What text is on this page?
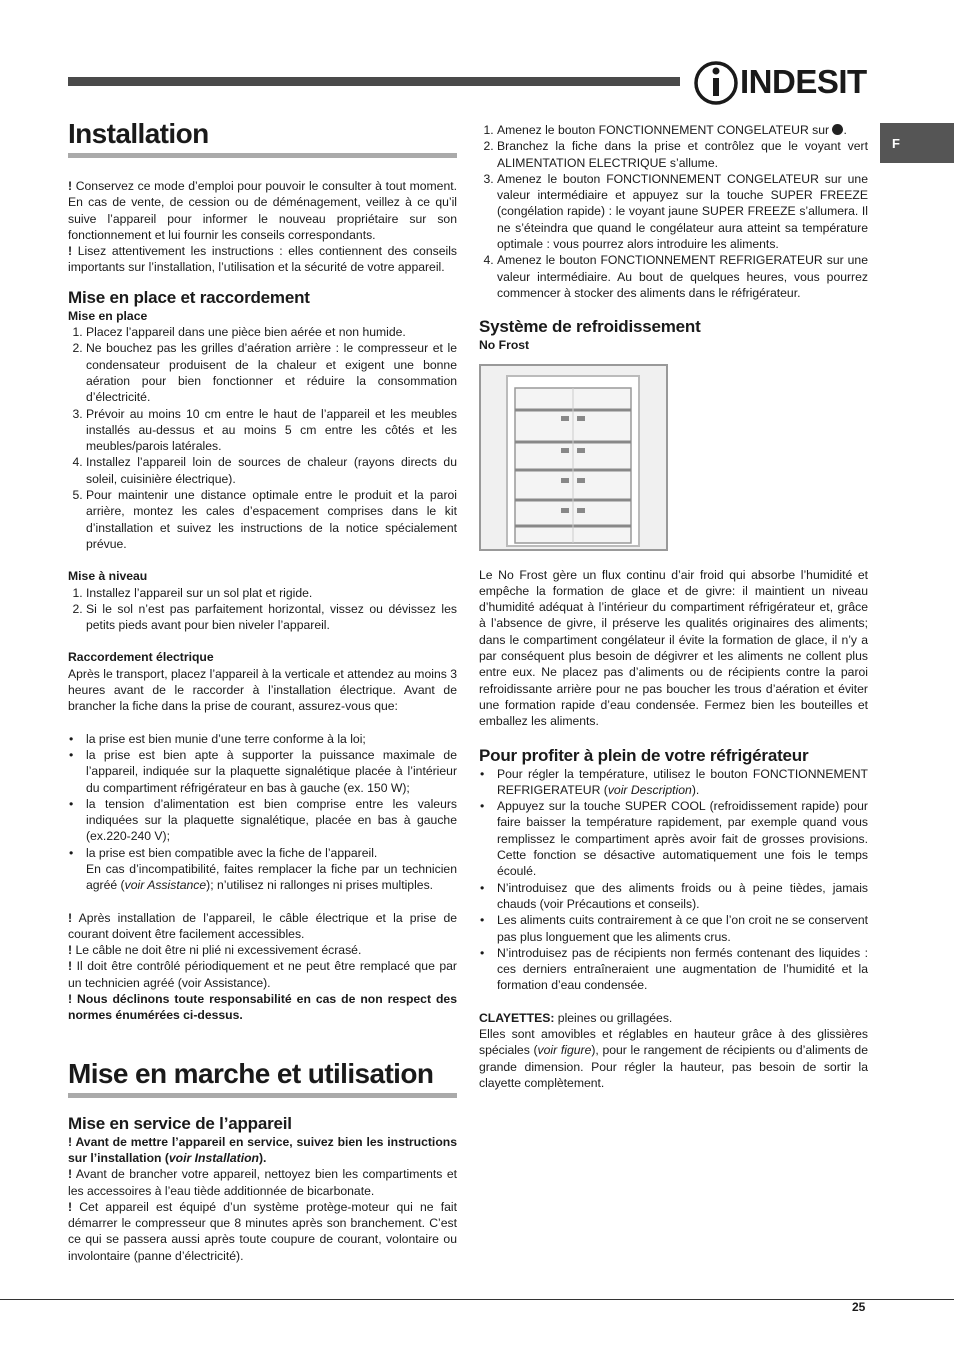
INDESIT
F
Installation

! Conservez ce mode d’emploi pour pouvoir le consulter à tout moment. En cas de vente, de cession ou de déménagement, veillez à ce qu’il suive l’appareil pour informer le nouveau propriétaire sur son fonctionnement et lui fournir les conseils correspondants.

! Lisez attentivement les instructions : elles contiennent des conseils importants sur l’installation, l’utilisation et la sécurité de votre appareil.

Mise en place et raccordement
Mise en place
1. Placez l’appareil dans une pièce bien aérée et non humide.
2. Ne bouchez pas les grilles d’aération arrière : le compresseur et le condensateur produisent de la chaleur et exigent une bonne aération pour bien fonctionner et réduire la consommation d’électricité.
3. Prévoir au moins 10 cm entre le haut de l’appareil et les meubles installés au-dessus et au moins 5 cm entre les côtés et les meubles/parois latérales.
4. Installez l’appareil loin de sources de chaleur (rayons directs du soleil, cuisinière électrique).
5. Pour maintenir une distance optimale entre le produit et la paroi arrière, montez les cales d’espacement comprises dans le kit d’installation et suivez les instructions de la notice spécialement prévue.
Mise à niveau
1. Installez l’appareil sur un sol plat et rigide.
2. Si le sol n’est pas parfaitement horizontal, vissez ou dévissez les petits pieds avant pour bien niveler l’appareil.
Raccordement électrique

Après le transport, placez l’appareil à la verticale et attendez au moins 3 heures avant de le raccorder à l’installation électrique. Avant de brancher la fiche dans la prise de courant, assurez-vous que:

• la prise est bien munie d’une terre conforme à la loi;
• la prise est bien apte à supporter la puissance maximale de l’appareil, indiquée sur la plaquette signalétique placée à l’intérieur du compartiment réfrigérateur en bas à gauche (ex. 150 W);
• la tension d’alimentation est bien comprise entre les valeurs indiquées sur la plaquette signalétique, placée en bas à gauche (ex.220-240 V);
• la prise est bien compatible avec la fiche de l’appareil.

En cas d’incompatibilité, faites remplacer la fiche par un technicien agréé (voir Assistance); n’utilisez ni rallonges ni prises multiples.

! Après installation de l’appareil, le câble électrique et la prise de courant doivent être facilement accessibles.

! Le câble ne doit être ni plié ni excessivement écrasé.

! Il doit être contrôlé périodiquement et ne peut être remplacé que par un technicien agréé (voir Assistance).

! Nous déclinons toute responsabilité en cas de non respect des normes énumérées ci-dessus.

Mise en marche et utilisation
Mise en service de l’appareil

! Avant de mettre l’appareil en service, suivez bien les instructions sur l’installation (voir Installation).

! Avant de brancher votre appareil, nettoyez bien les compartiments et les accessoires à l’eau tiède additionnée de bicarbonate.

! Cet appareil est équipé d’un système protège-moteur qui ne fait démarrer le compresseur que 8 minutes après son branchement. C’est ce qui se passera aussi après toute coupure de courant, volontaire ou involontaire (panne d’électricité).

1. Amenez le bouton FONCTIONNEMENT CONGELATEUR sur .
2. Branchez la fiche dans la prise et contrôlez que le voyant vert ALIMENTATION ELECTRIQUE s’allume.
3. Amenez le bouton FONCTIONNEMENT CONGELATEUR sur une valeur intermédiaire et appuyez sur la touche SUPER FREEZE (congélation rapide) : le voyant jaune SUPER FREEZE s’allumera. Il ne s’éteindra que quand le congélateur aura atteint sa température optimale : vous pourrez alors introduire les aliments.
4. Amenez le bouton FONCTIONNEMENT REFRIGERATEUR sur une valeur intermédiaire. Au bout de quelques heures, vous pourrez commencer à stocker des aliments dans le réfrigérateur.
Système de refroidissement
No Frost

Le No Frost gère un flux continu d’air froid qui absorbe l’humidité et empêche la formation de glace et de givre: il maintient un niveau d’humidité adéquat à l’intérieur du compartiment réfrigérateur et, grâce à l’absence de givre, il préserve les qualités originaires des aliments; dans le compartiment congélateur il évite la formation de glace, il n’y a par conséquent plus besoin de dégivrer et les aliments ne collent plus entre eux. Ne placez pas d’aliments ou de récipients contre la paroi refroidissante arrière pour ne pas boucher les trous d’aération et éviter une formation rapide d’eau condensée. Fermez bien les bouteilles et emballez les aliments.

Pour profiter à plein de votre réfrigérateur
• Pour régler la température, utilisez le bouton FONCTIONNEMENT REFRIGERATEUR (voir Description).
• Appuyez sur la touche SUPER COOL (refroidissement rapide) pour faire baisser la température rapidement, par exemple quand vous remplissez le compartiment après avoir fait de grosses provisions. Cette fonction se désactive automatiquement une fois le temps écoulé.
• N’introduisez que des aliments froids ou à peine tièdes, jamais chauds (voir Précautions et conseils).
• Les aliments cuits contrairement à ce que l’on croit ne se conservent pas plus longuement que les aliments crus.
• N’introduisez pas de récipients non fermés contenant des liquides : ces derniers entraîneraient une augmentation de l’humidité et la formation d’eau condensée.

CLAYETTES: pleines ou grillagées.

Elles sont amovibles et réglables en hauteur grâce à des glissières spéciales (voir figure), pour le rangement de récipients ou d’aliments de grande dimension. Pour régler la hauteur, pas besoin de sortir la clayette complètement.

25
